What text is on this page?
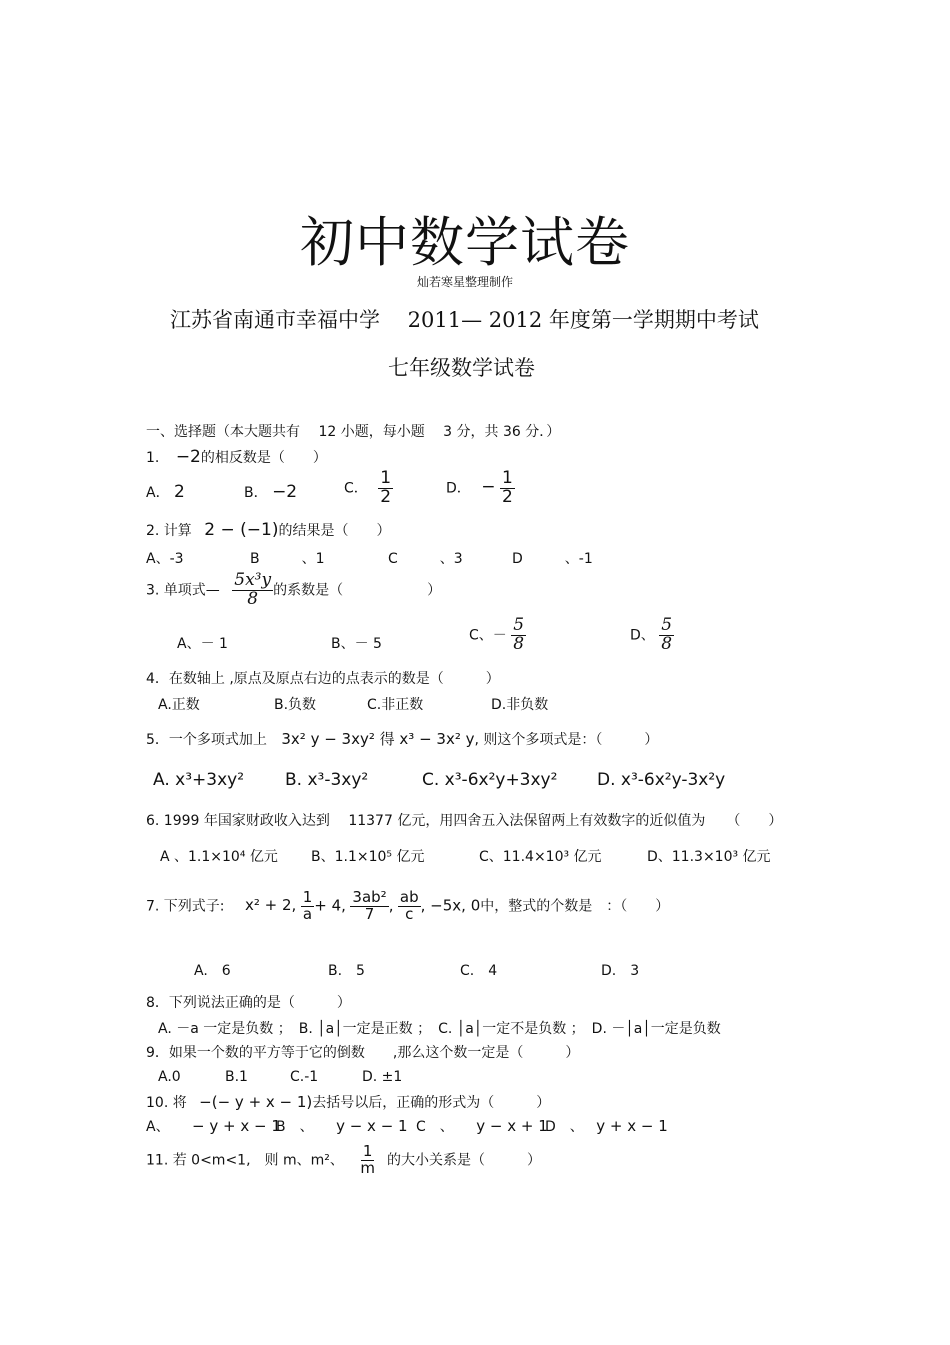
初中数学试卷
灿若寒星整理制作
江苏省南通市幸福中学　 2011— 2012 年度第一学期期中考试
七年级数学试卷
一、选择题（本大题共有　 12 小题，每小题　 3 分，共 36 分．）
1. −2的相反数是（　　）
A． 2	B． −2	C． $\frac{1}{2}$	D． − $\frac{1}{2}$
2. 计算 2 − (−1)的结果是（　　）
A、-3	B　　　、1	C　　　、3	D　　　、-1
3. 单项式— $\frac{\text{5x³y}}{8}$ 的系数是（　　　　　　）
A、－ 1	B、－ 5
C、－ $\frac{5}{8}$	D、 $\frac{5}{8}$
4．在数轴上 ,原点及原点右边的点表示的数是（　　　）
A.正数	B.负数	C.非正数	D.非负数
5．一个多项式加上 3x² y − 3xy² 得 x³ − 3x² y, 则这个多项式是：（　　　）
A. x³+3xy² B. x³-3xy²	C. x³-6x²y+3xy² D. x³-6x²y-3x²y
6. 1999 年国家财政收入达到　 11377 亿元，用四舍五入法保留两上有效数字的近似值为　　（　　）
A 、1.1×10⁴ 亿元 B、1.1×10⁵ 亿元	C、11.4×10³ 亿元	D、11.3×10³ 亿元
7. 下列式子: x² + 2, $\frac{1}{a} + 4$, $\frac{\text{3ab²}}{7}$ , $\frac{ab}{c}$ , −5x, 0中，整式的个数是　：（　　）
A.　6	B.　5	C.　4	D.　3
8．下列说法正确的是（　　　）
A. －a 一定是负数 ；　B. │a│一定是正数 ；　C. │a│一定不是负数 ；　D. －│a│一定是负数
9．如果一个数的平方等于它的倒数　　,那么这个数一定是（　　　）
A.0	B.1	C.-1	D. ±1
10. 将 −(− y + x − 1)去括号以后，正确的形式为（　　　）
A、 − y + x − 1
B　、 y − x − 1 C　、 y − x + 1
D　、 y + x − 1
11. 若 0<m<1,　则 m、m²、 $\frac{1}{m}$ 的大小关系是（　　　）
